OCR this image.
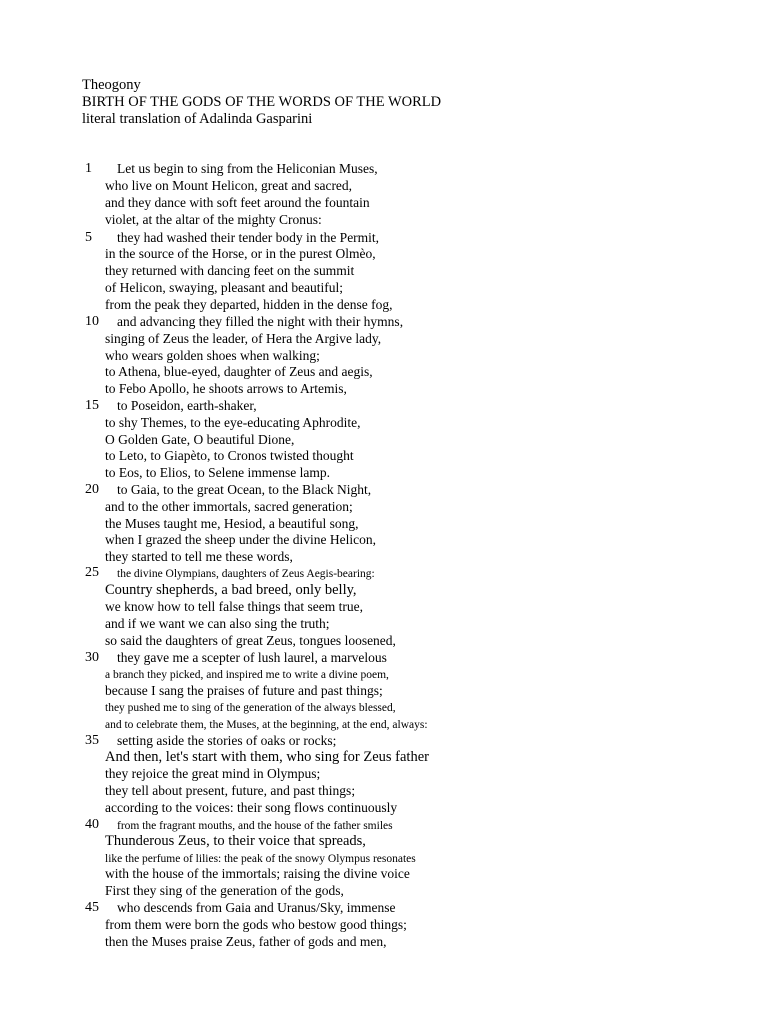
Theogony
BIRTH OF THE GODS OF THE WORDS OF THE WORLD
literal translation of Adalinda Gasparini
1 Let us begin to sing from the Heliconian Muses,
who live on Mount Helicon, great and sacred,
and they dance with soft feet around the fountain
violet, at the altar of the mighty Cronus:
5 they had washed their tender body in the Permit,
in the source of the Horse, or in the purest Olmèo,
they returned with dancing feet on the summit
of Helicon, swaying, pleasant and beautiful;
from the peak they departed, hidden in the dense fog,
10 and advancing they filled the night with their hymns,
singing of Zeus the leader, of Hera the Argive lady,
who wears golden shoes when walking;
to Athena, blue-eyed, daughter of Zeus and aegis,
to Febo Apollo, he shoots arrows to Artemis,
15 to Poseidon, earth-shaker,
to shy Themes, to the eye-educating Aphrodite,
O Golden Gate, O beautiful Dione,
to Leto, to Giapèto, to Cronos twisted thought
to Eos, to Elios, to Selene immense lamp.
20 to Gaia, to the great Ocean, to the Black Night,
and to the other immortals, sacred generation;
the Muses taught me, Hesiod, a beautiful song,
when I grazed the sheep under the divine Helicon,
they started to tell me these words,
25 the divine Olympians, daughters of Zeus Aegis-bearing:
Country shepherds, a bad breed, only belly,
we know how to tell false things that seem true,
and if we want we can also sing the truth;
so said the daughters of great Zeus, tongues loosened,
30 they gave me a scepter of lush laurel, a marvelous
a branch they picked, and inspired me to write a divine poem,
because I sang the praises of future and past things;
they pushed me to sing of the generation of the always blessed,
and to celebrate them, the Muses, at the beginning, at the end, always:
35 setting aside the stories of oaks or rocks;
And then, let's start with them, who sing for Zeus father
they rejoice the great mind in Olympus;
they tell about present, future, and past things;
according to the voices: their song flows continuously
40 from the fragrant mouths, and the house of the father smiles
Thunderous Zeus, to their voice that spreads,
like the perfume of lilies: the peak of the snowy Olympus resonates
with the house of the immortals; raising the divine voice
First they sing of the generation of the gods,
45 who descends from Gaia and Uranus/Sky, immense
from them were born the gods who bestow good things;
then the Muses praise Zeus, father of gods and men,
